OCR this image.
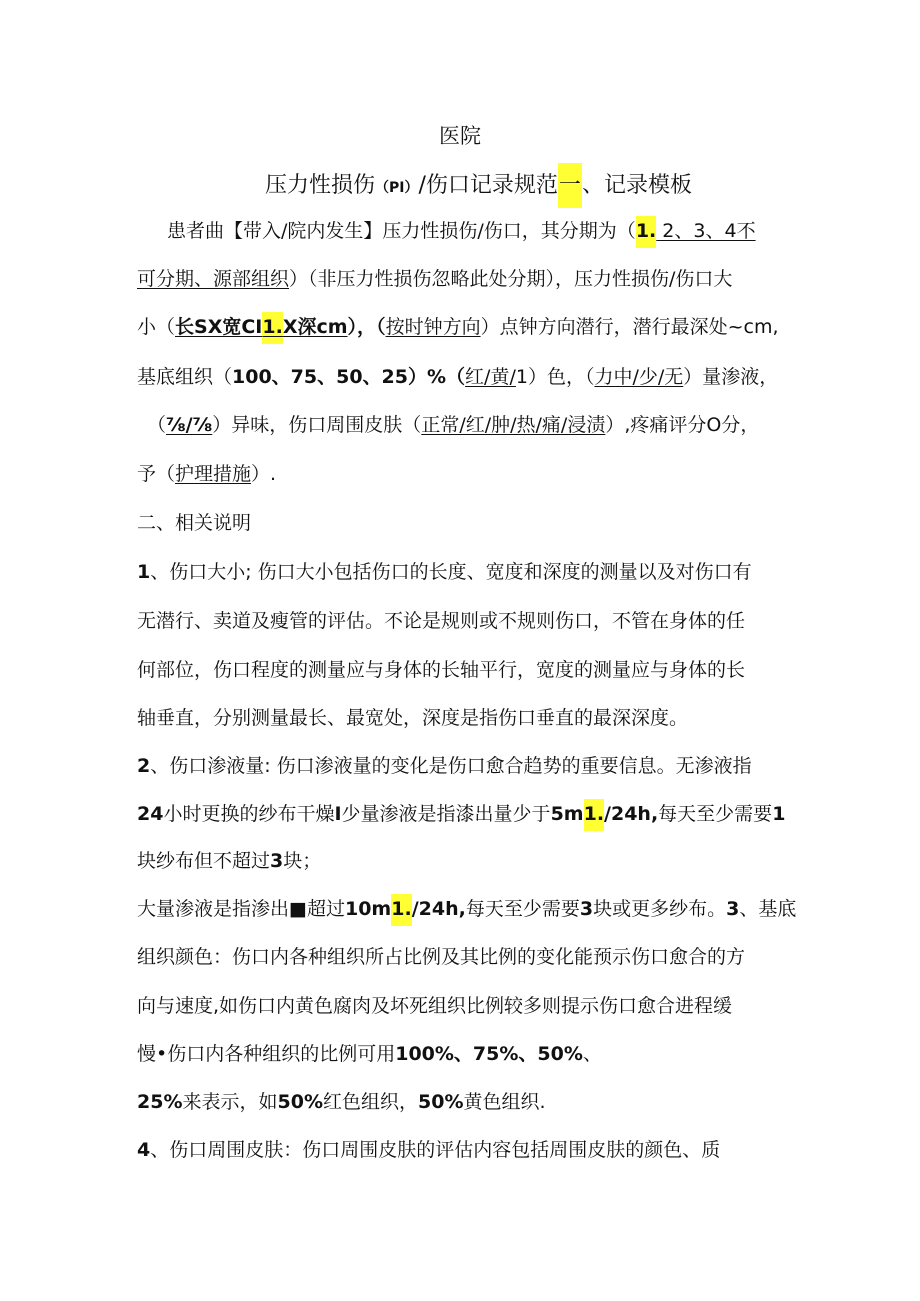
医院
压力性损伤（PI）/伤口记录规范一、记录模板
患者曲【带入/院内发生】压力性损伤/伤口，其分期为（1. 2、3、4不
可分期、源部组织）（非压力性损伤忽略此处分期），压力性损伤/伤口大
小（长SX宽CI1.X深cm），（按时钟方向）点钟方向潜行，潜行最深处~cm,
基底组织（100、75、50、25）%（红/黄/1）色，（力中/少/无）量渗液，
（⅞/⅞）异味，伤口周围皮肤（正常/红/肿/热/痛/浸渍）,疼痛评分O分，
予（护理措施）.
二、相关说明
1、伤口大小; 伤口大小包括伤口的长度、宽度和深度的测量以及对伤口有
无潜行、卖道及瘦管的评估。不论是规则或不规则伤口，不管在身体的任
何部位，伤口程度的测量应与身体的长轴平行，宽度的测量应与身体的长
轴垂直，分别测量最长、最宽处，深度是指伤口垂直的最深深度。
2、伤口渗液量: 伤口渗液量的变化是伤口愈合趋势的重要信息。无渗液指
24小时更换的纱布干燥I少量渗液是指漆出量少于5m1./24h,每天至少需要1
块纱布但不超过3块；
大量渗液是指渗出■超过10m1./24h,每天至少需要3块或更多纱布。3、基底
组织颜色：伤口内各种组织所占比例及其比例的变化能预示伤口愈合的方
向与速度,如伤口内黄色腐肉及坏死组织比例较多则提示伤口愈合进程缓
慢•伤口内各种组织的比例可用100%、75%、50%、
25%来表示，如50%红色组织，50%黄色组织.
4、伤口周围皮肤：伤口周围皮肤的评估内容包括周围皮肤的颜色、质
